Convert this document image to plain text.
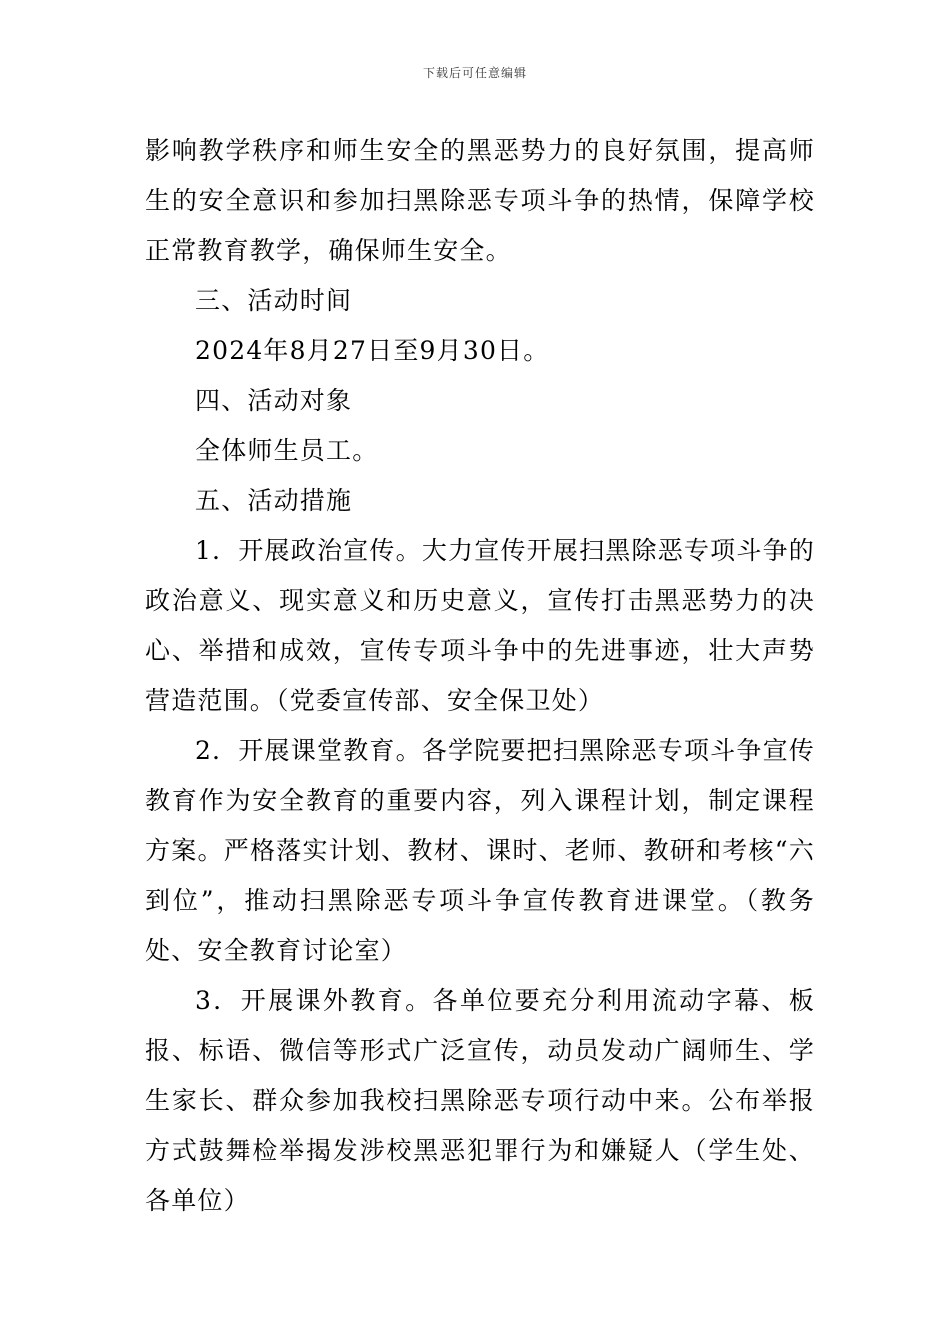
下载后可任意编辑

影响教学秩序和师生安全的黑恶势力的良好氛围，提高师生的安全意识和参加扫黑除恶专项斗争的热情，保障学校正常教育教学，确保师生安全。

三、活动时间

2024年8月27日至9月30日。

四、活动对象

全体师生员工。

五、活动措施

1．开展政治宣传。大力宣传开展扫黑除恶专项斗争的政治意义、现实意义和历史意义，宣传打击黑恶势力的决心、举措和成效，宣传专项斗争中的先进事迹，壮大声势营造范围。（党委宣传部、安全保卫处）

2．开展课堂教育。各学院要把扫黑除恶专项斗争宣传教育作为安全教育的重要内容，列入课程计划，制定课程方案。严格落实计划、教材、课时、老师、教研和考核“六到位”，推动扫黑除恶专项斗争宣传教育进课堂。（教务处、安全教育讨论室）

3．开展课外教育。各单位要充分利用流动字幕、板报、标语、微信等形式广泛宣传，动员发动广阔师生、学生家长、群众参加我校扫黑除恶专项行动中来。公布举报方式鼓舞检举揭发涉校黑恶犯罪行为和嫌疑人（学生处、各单位）
